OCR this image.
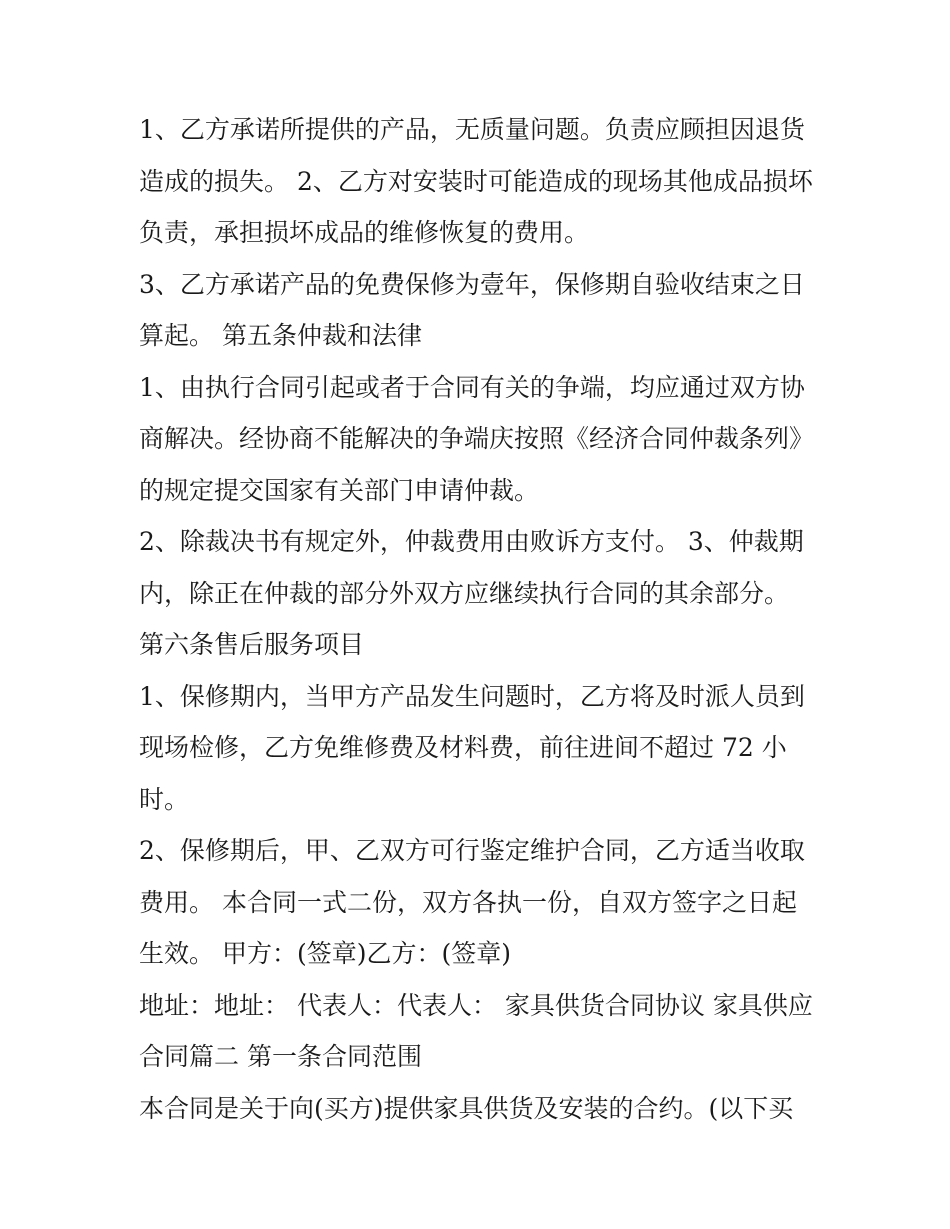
1、乙方承诺所提供的产品，无质量问题。负责应顾担因退货
造成的损失。 2、乙方对安装时可能造成的现场其他成品损坏
负责，承担损坏成品的维修恢复的费用。
3、乙方承诺产品的免费保修为壹年，保修期自验收结束之日
算起。 第五条仲裁和法律
1、由执行合同引起或者于合同有关的争端，均应通过双方协
商解决。经协商不能解决的争端庆按照《经济合同仲裁条列》
的规定提交国家有关部门申请仲裁。
2、除裁决书有规定外，仲裁费用由败诉方支付。 3、仲裁期
内，除正在仲裁的部分外双方应继续执行合同的其余部分。
第六条售后服务项目
1、保修期内，当甲方产品发生问题时，乙方将及时派人员到
现场检修，乙方免维修费及材料费，前往进间不超过 72 小
时。
2、保修期后，甲、乙双方可行鉴定维护合同，乙方适当收取
费用。 本合同一式二份，双方各执一份，自双方签字之日起
生效。 甲方：(签章)乙方：(签章)
地址：地址： 代表人：代表人： 家具供货合同协议 家具供应
合同篇二 第一条合同范围
本合同是关于向(买方)提供家具供货及安装的合约。(以下买
